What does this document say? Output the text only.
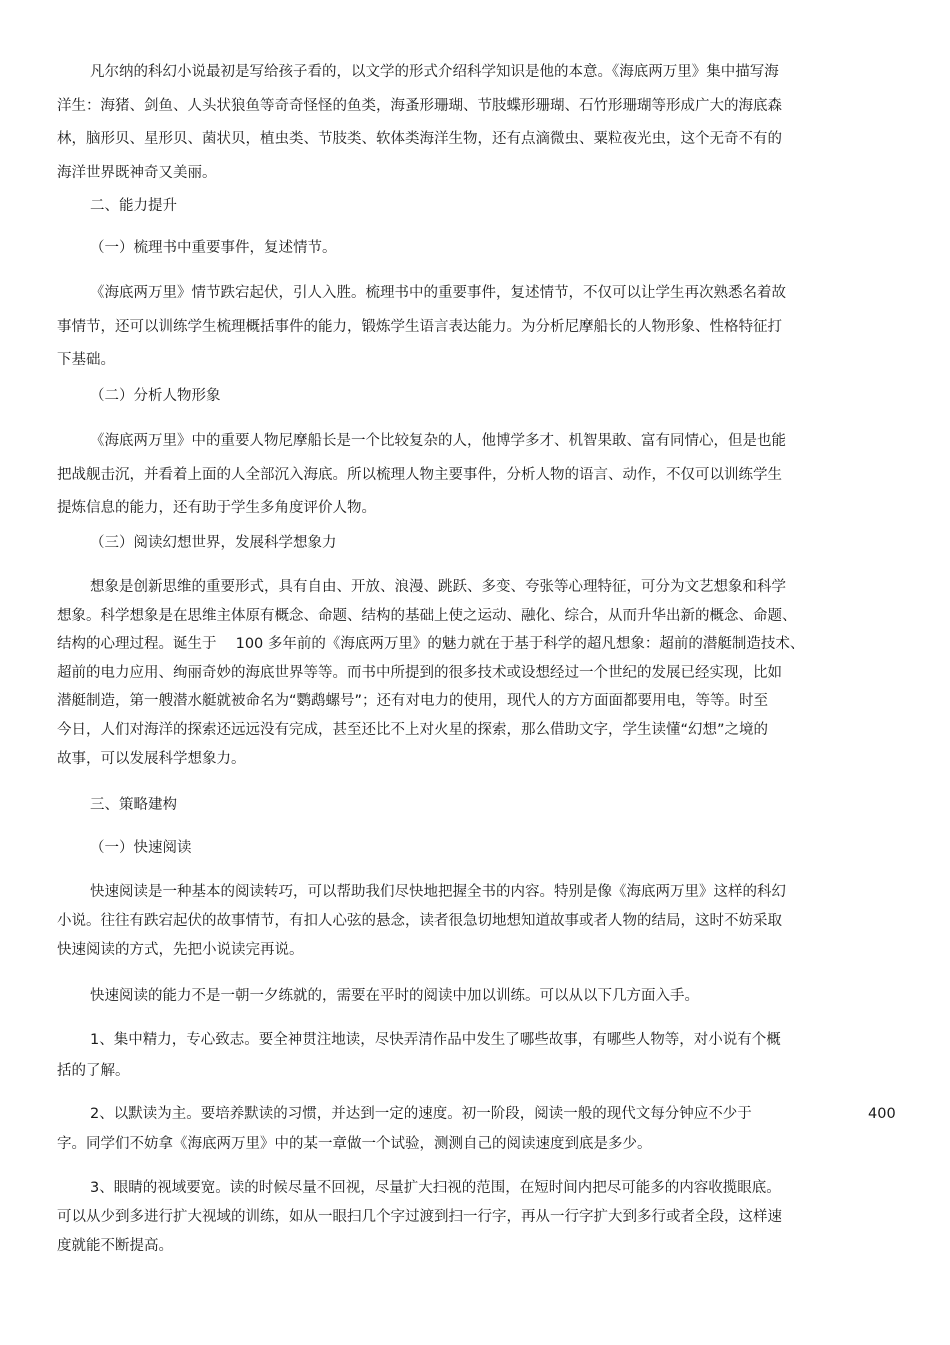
凡尔纳的科幻小说最初是写给孩子看的，以文学的形式介绍科学知识是他的本意。《海底两万里》集中描写海
洋生：海猪、剑鱼、人头状狼鱼等奇奇怪怪的鱼类，海蚤形珊瑚、节肢蝶形珊瑚、石竹形珊瑚等形成广大的海底森
林，脑形贝、星形贝、菌状贝，植虫类、节肢类、软体类海洋生物，还有点滴微虫、粟粒夜光虫，这个无奇不有的
海洋世界既神奇又美丽。
二、能力提升
（一）梳理书中重要事件，复述情节。
《海底两万里》情节跌宕起伏，引人入胜。梳理书中的重要事件，复述情节，不仅可以让学生再次熟悉名着故
事情节，还可以训练学生梳理概括事件的能力，锻炼学生语言表达能力。为分析尼摩船长的人物形象、性格特征打
下基础。
（二）分析人物形象
《海底两万里》中的重要人物尼摩船长是一个比较复杂的人，他博学多才、机智果敢、富有同情心，但是也能
把战舰击沉，并看着上面的人全部沉入海底。所以梳理人物主要事件，分析人物的语言、动作，不仅可以训练学生
提炼信息的能力，还有助于学生多角度评价人物。
（三）阅读幻想世界，发展科学想象力
想象是创新思维的重要形式，具有自由、开放、浪漫、跳跃、多变、夸张等心理特征，可分为文艺想象和科学
想象。科学想象是在思维主体原有概念、命题、结构的基础上使之运动、融化、综合，从而升华出新的概念、命题、
结构的心理过程。诞生于　 100 多年前的《海底两万里》的魅力就在于基于科学的超凡想象：超前的潜艇制造技术、
超前的电力应用、绚丽奇妙的海底世界等等。而书中所提到的很多技术或设想经过一个世纪的发展已经实现，比如
潜艇制造，第一艘潜水艇就被命名为“鹦鹉螺号”；还有对电力的使用，现代人的方方面面都要用电，等等。时至
今日，人们对海洋的探索还远远没有完成，甚至还比不上对火星的探索，那么借助文字，学生读懂“幻想”之境的
故事，可以发展科学想象力。
三、策略建构
（一）快速阅读
快速阅读是一种基本的阅读转巧，可以帮助我们尽快地把握全书的内容。特别是像《海底两万里》这样的科幻
小说。往往有跌宕起伏的故事情节，有扣人心弦的悬念，读者很急切地想知道故事或者人物的结局，这时不妨采取
快速阅读的方式，先把小说读完再说。
快速阅读的能力不是一朝一夕练就的，需要在平时的阅读中加以训练。可以从以下几方面入手。
1、集中精力，专心致志。要全神贯注地读，尽快弄清作品中发生了哪些故事，有哪些人物等，对小说有个概
括的了解。
2、以默读为主。要培养默读的习惯，并达到一定的速度。初一阶段，阅读一般的现代文每分钟应不少于
字。同学们不妨拿《海底两万里》中的某一章做一个试验，测测自己的阅读速度到底是多少。
400
3、眼睛的视域要宽。读的时候尽量不回视，尽量扩大扫视的范围，在短时间内把尽可能多的内容收揽眼底。
可以从少到多进行扩大视域的训练，如从一眼扫几个字过渡到扫一行字，再从一行字扩大到多行或者全段，这样速
度就能不断提高。
